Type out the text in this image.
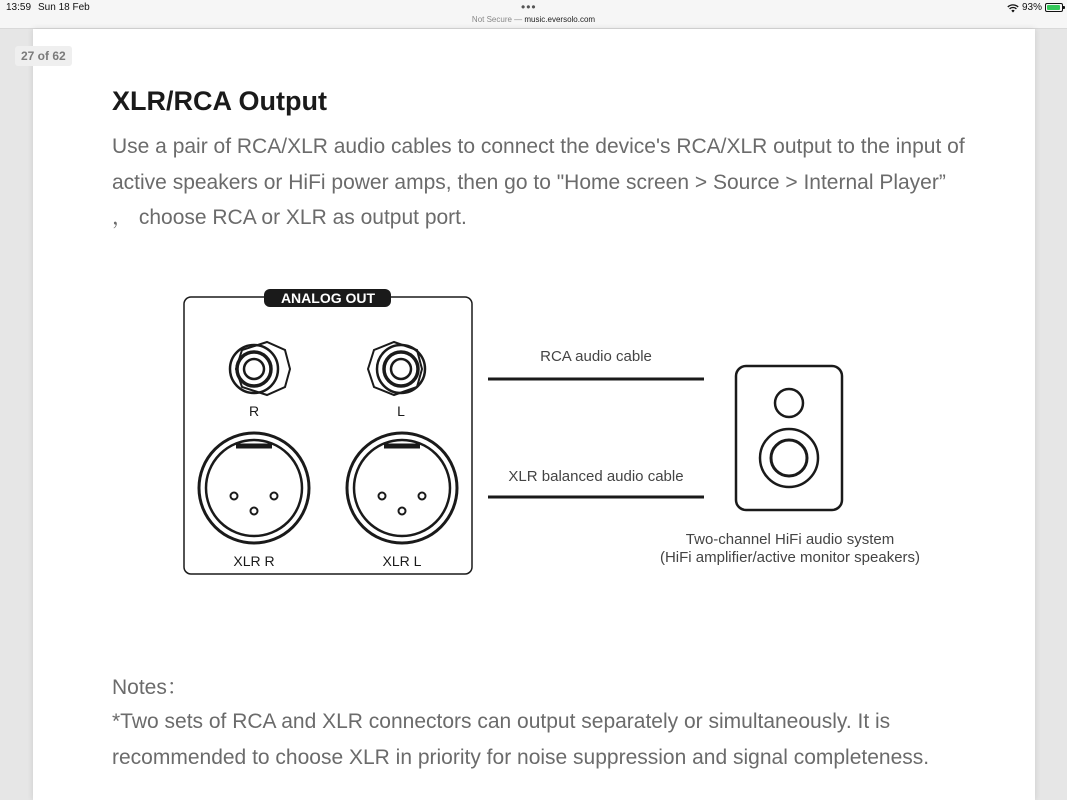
13:59 Sun 18 Feb	•••
Not Secure — music.eversolo.com
93%
27 of 62
XLR/RCA Output

Use a pair of RCA/XLR audio cables to connect the device's RCA/XLR output to the input of active speakers or HiFi power amps, then go to "Home screen > Source > Internal Player” ， choose RCA or XLR as output port.

ANALOG OUT
R	L
XLR R	XLR L
RCA audio cable
XLR balanced audio cable
Two-channel HiFi audio system
(HiFi amplifier/active monitor speakers)

Notes：

*Two sets of RCA and XLR connectors can output separately or simultaneously. It is recommended to choose XLR in priority for noise suppression and signal completeness.
